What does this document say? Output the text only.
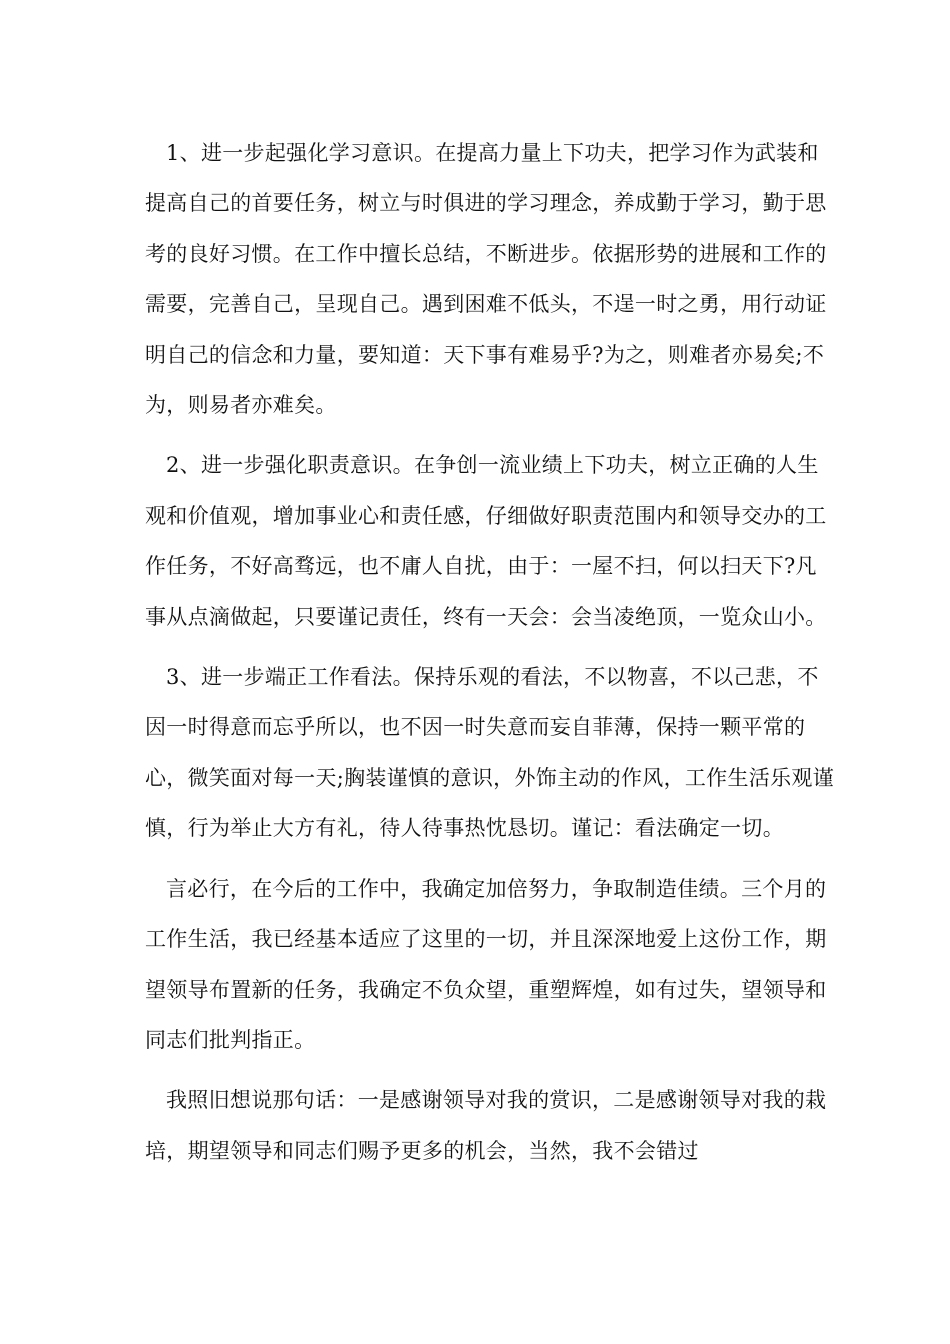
1、进一步起强化学习意识。在提高力量上下功夫，把学习作为武装和提高自己的首要任务，树立与时俱进的学习理念，养成勤于学习，勤于思考的良好习惯。在工作中擅长总结，不断进步。依据形势的进展和工作的需要，完善自己，呈现自己。遇到困难不低头，不逞一时之勇，用行动证明自己的信念和力量，要知道：天下事有难易乎?为之，则难者亦易矣;不为，则易者亦难矣。

2、进一步强化职责意识。在争创一流业绩上下功夫，树立正确的人生观和价值观，增加事业心和责任感，仔细做好职责范围内和领导交办的工作任务，不好高骛远，也不庸人自扰，由于：一屋不扫，何以扫天下?凡事从点滴做起，只要谨记责任，终有一天会：会当凌绝顶，一览众山小。

3、进一步端正工作看法。保持乐观的看法，不以物喜，不以己悲，不因一时得意而忘乎所以，也不因一时失意而妄自菲薄，保持一颗平常的心，微笑面对每一天;胸装谨慎的意识，外饰主动的作风，工作生活乐观谨慎，行为举止大方有礼，待人待事热忱恳切。谨记：看法确定一切。

言必行，在今后的工作中，我确定加倍努力，争取制造佳绩。三个月的工作生活，我已经基本适应了这里的一切，并且深深地爱上这份工作，期望领导布置新的任务，我确定不负众望，重塑辉煌，如有过失，望领导和同志们批判指正。

我照旧想说那句话：一是感谢领导对我的赏识，二是感谢领导对我的栽培，期望领导和同志们赐予更多的机会，当然，我不会错过
